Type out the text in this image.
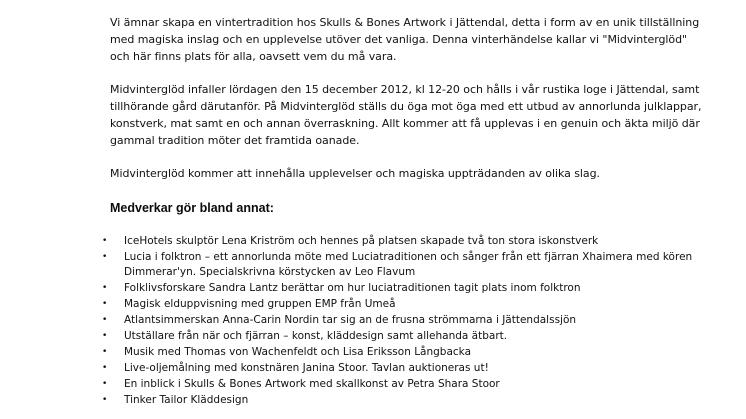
Vi ämnar skapa en vintertradition hos Skulls & Bones Artwork i Jättendal, detta i form av en unik tillställning med magiska inslag och en upplevelse utöver det vanliga. Denna vinterhändelse kallar vi "Midvinterglöd" och här finns plats för alla, oavsett vem du må vara.

Midvinterglöd infaller lördagen den 15 december 2012, kl 12-20 och hålls i vår rustika loge i Jättendal, samt tillhörande gård därutanför. På Midvinterglöd ställs du öga mot öga med ett utbud av annorlunda julklappar, konstverk, mat samt en och annan överraskning. Allt kommer att få upplevas i en genuin och äkta miljö där gammal tradition möter det framtida oanade.

Midvinterglöd kommer att innehålla upplevelser och magiska uppträdanden av olika slag.

Medverkar gör bland annat:
• IceHotels skulptör Lena Kriström och hennes på platsen skapade två ton stora iskonstverk
• Lucia i folktron – ett annorlunda möte med Luciatraditionen och sånger från ett fjärran Xhaimera med kören Dimmerar'yn. Specialskrivna körstycken av Leo Flavum
• Folklivsforskare Sandra Lantz berättar om hur luciatraditionen tagit plats inom folktron
• Magisk elduppvisning med gruppen EMP från Umeå
• Atlantsimmerskan Anna-Carin Nordin tar sig an de frusna strömmarna i Jättendalssjön
• Utställare från när och fjärran – konst, kläddesign samt allehanda ätbart.
• Musik med Thomas von Wachenfeldt och Lisa Eriksson Långbacka
• Live-oljemålning med konstnären Janina Stoor. Tavlan auktioneras ut!
• En inblick i Skulls & Bones Artwork med skallkonst av Petra Shara Stoor
• Tinker Tailor Kläddesign
